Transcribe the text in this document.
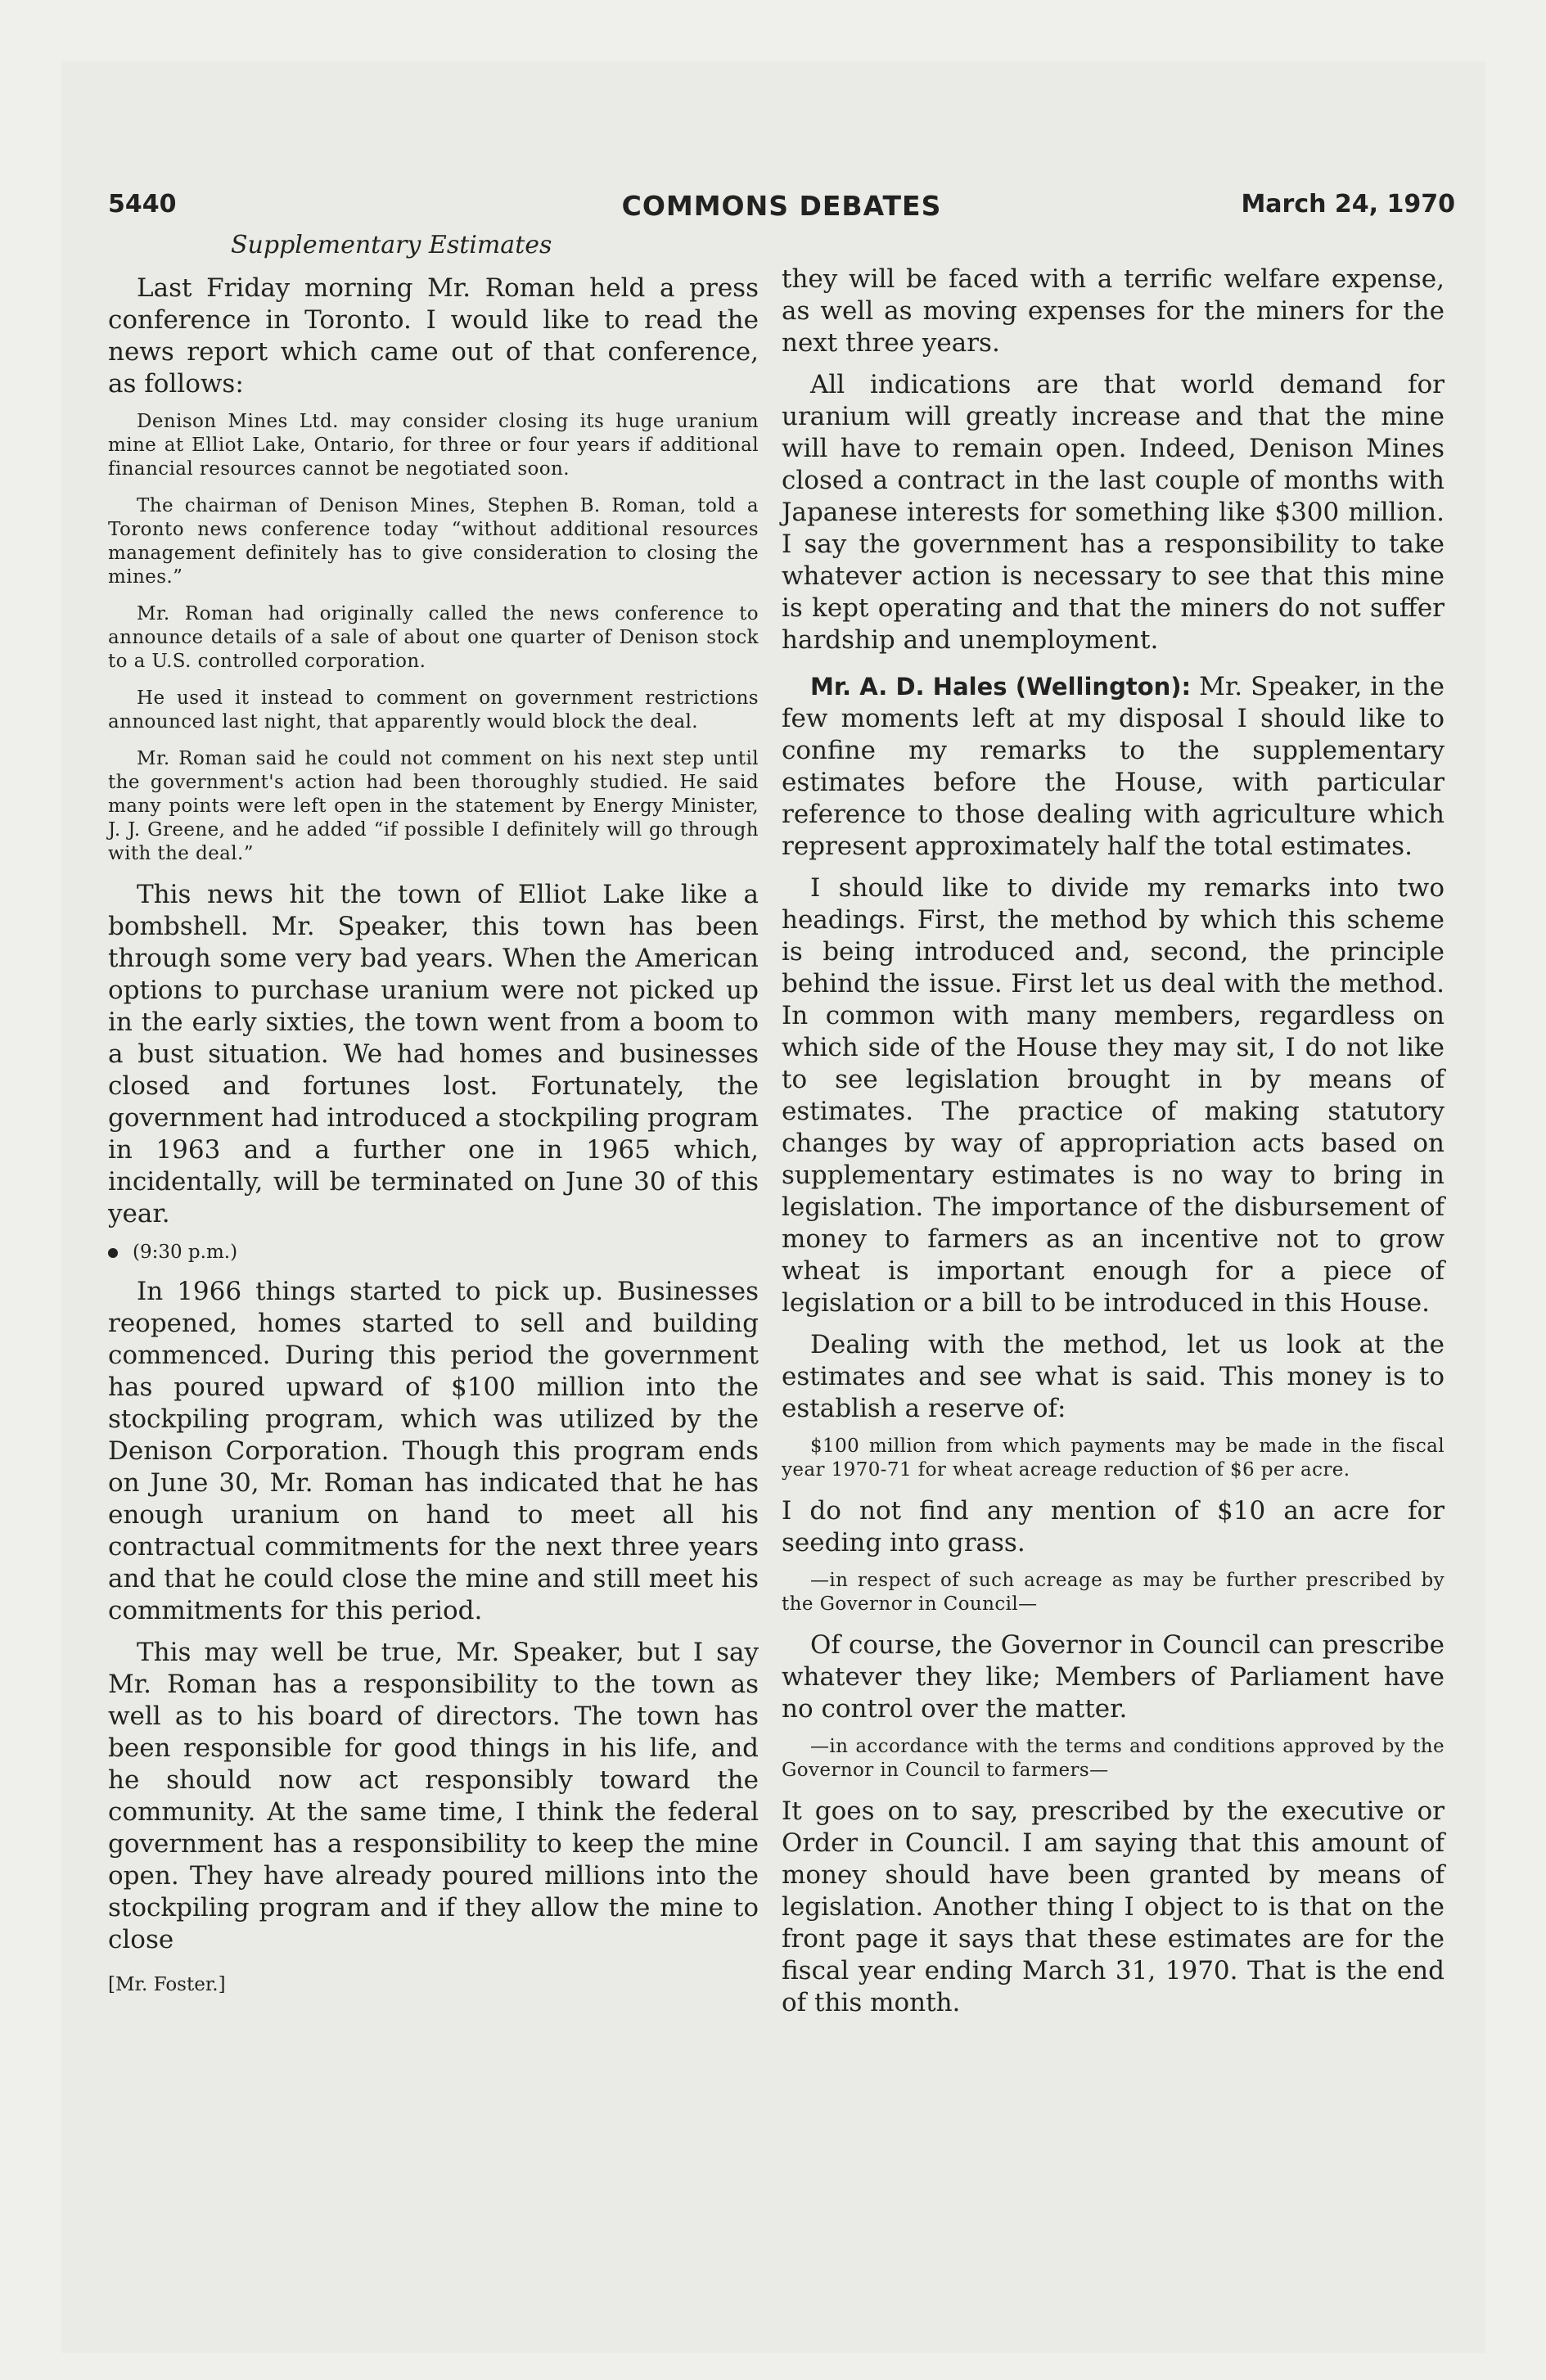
5440	COMMONS DEBATES	March 24, 1970
Supplementary Estimates

Last Friday morning Mr. Roman held a press conference in Toronto. I would like to read the news report which came out of that conference, as follows:

Denison Mines Ltd. may consider closing its huge uranium mine at Elliot Lake, Ontario, for three or four years if additional financial resources cannot be negotiated soon.

The chairman of Denison Mines, Stephen B. Roman, told a Toronto news conference today “without additional resources management definitely has to give consideration to closing the mines.”

Mr. Roman had originally called the news conference to announce details of a sale of about one quarter of Denison stock to a U.S. controlled corporation.

He used it instead to comment on government restrictions announced last night, that apparently would block the deal.

Mr. Roman said he could not comment on his next step until the government's action had been thoroughly studied. He said many points were left open in the statement by Energy Minister, J. J. Greene, and he added “if possible I definitely will go through with the deal.”

This news hit the town of Elliot Lake like a bombshell. Mr. Speaker, this town has been through some very bad years. When the American options to purchase uranium were not picked up in the early sixties, the town went from a boom to a bust situation. We had homes and businesses closed and fortunes lost. Fortunately, the government had introduced a stockpiling program in 1963 and a further one in 1965 which, incidentally, will be terminated on June 30 of this year.

(9:30 p.m.)

In 1966 things started to pick up. Businesses reopened, homes started to sell and building commenced. During this period the government has poured upward of $100 million into the stockpiling program, which was utilized by the Denison Corporation. Though this program ends on June 30, Mr. Roman has indicated that he has enough uranium on hand to meet all his contractual commitments for the next three years and that he could close the mine and still meet his commitments for this period.

This may well be true, Mr. Speaker, but I say Mr. Roman has a responsibility to the town as well as to his board of directors. The town has been responsible for good things in his life, and he should now act responsibly toward the community. At the same time, I think the federal government has a responsibility to keep the mine open. They have already poured millions into the stockpiling program and if they allow the mine to close

[Mr. Foster.]

they will be faced with a terrific welfare expense, as well as moving expenses for the miners for the next three years.

All indications are that world demand for uranium will greatly increase and that the mine will have to remain open. Indeed, Denison Mines closed a contract in the last couple of months with Japanese interests for something like $300 million. I say the government has a responsibility to take whatever action is necessary to see that this mine is kept operating and that the miners do not suffer hardship and unemployment.

Mr. A. D. Hales (Wellington): Mr. Speaker, in the few moments left at my disposal I should like to confine my remarks to the supplementary estimates before the House, with particular reference to those dealing with agriculture which represent approximately half the total estimates.

I should like to divide my remarks into two headings. First, the method by which this scheme is being introduced and, second, the principle behind the issue. First let us deal with the method. In common with many members, regardless on which side of the House they may sit, I do not like to see legislation brought in by means of estimates. The practice of making statutory changes by way of appropriation acts based on supplementary estimates is no way to bring in legislation. The importance of the disbursement of money to farmers as an incentive not to grow wheat is important enough for a piece of legislation or a bill to be introduced in this House.

Dealing with the method, let us look at the estimates and see what is said. This money is to establish a reserve of:

$100 million from which payments may be made in the fiscal year 1970-71 for wheat acreage reduction of $6 per acre.

I do not find any mention of $10 an acre for seeding into grass.

—in respect of such acreage as may be further prescribed by the Governor in Council—

Of course, the Governor in Council can prescribe whatever they like; Members of Parliament have no control over the matter.

—in accordance with the terms and conditions approved by the Governor in Council to farmers—

It goes on to say, prescribed by the executive or Order in Council. I am saying that this amount of money should have been granted by means of legislation. Another thing I object to is that on the front page it says that these estimates are for the fiscal year ending March 31, 1970. That is the end of this month.
